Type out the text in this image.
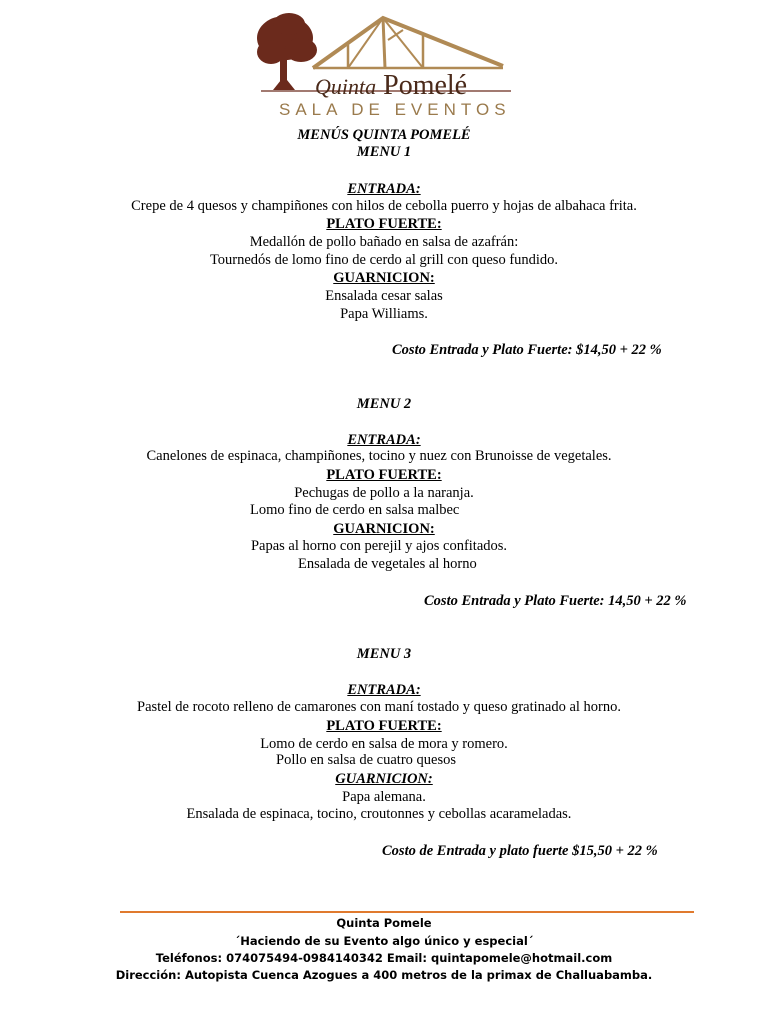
Quinta Pomelé
SALA DE EVENTOS
MENÚS QUINTA POMELÉ
MENU 1
ENTRADA:
Crepe de 4 quesos y champiñones con hilos de cebolla puerro y hojas de albahaca frita.
PLATO FUERTE:
Medallón de pollo bañado en salsa de azafrán:
Tournedós de lomo fino de cerdo al grill con queso fundido.
GUARNICION:
Ensalada cesar salas
Papa Williams.
Costo Entrada y Plato Fuerte: $14,50 + 22 %
MENU 2
ENTRADA:
Canelones de espinaca, champiñones, tocino y nuez con Brunoisse de vegetales.
PLATO FUERTE:
Pechugas de pollo a la naranja.
Lomo fino de cerdo en salsa malbec
GUARNICION:
Papas al horno con perejil y ajos confitados.
Ensalada de vegetales al horno
Costo Entrada y Plato Fuerte: 14,50 + 22 %
MENU 3
ENTRADA:
Pastel de rocoto relleno de camarones con maní tostado y queso gratinado al horno.
PLATO FUERTE:
Lomo de cerdo en salsa de mora y romero.
Pollo en salsa de cuatro quesos
GUARNICION:
Papa alemana.
Ensalada de espinaca, tocino, croutonnes y cebollas acarameladas.
Costo de Entrada y plato fuerte $15,50 + 22 %
Quinta Pomele
´Haciendo de su Evento algo único y especial´
Teléfonos: 074075494-0984140342 Email: quintapomele@hotmail.com
Dirección: Autopista Cuenca Azogues a 400 metros de la primax de Challuabamba.
